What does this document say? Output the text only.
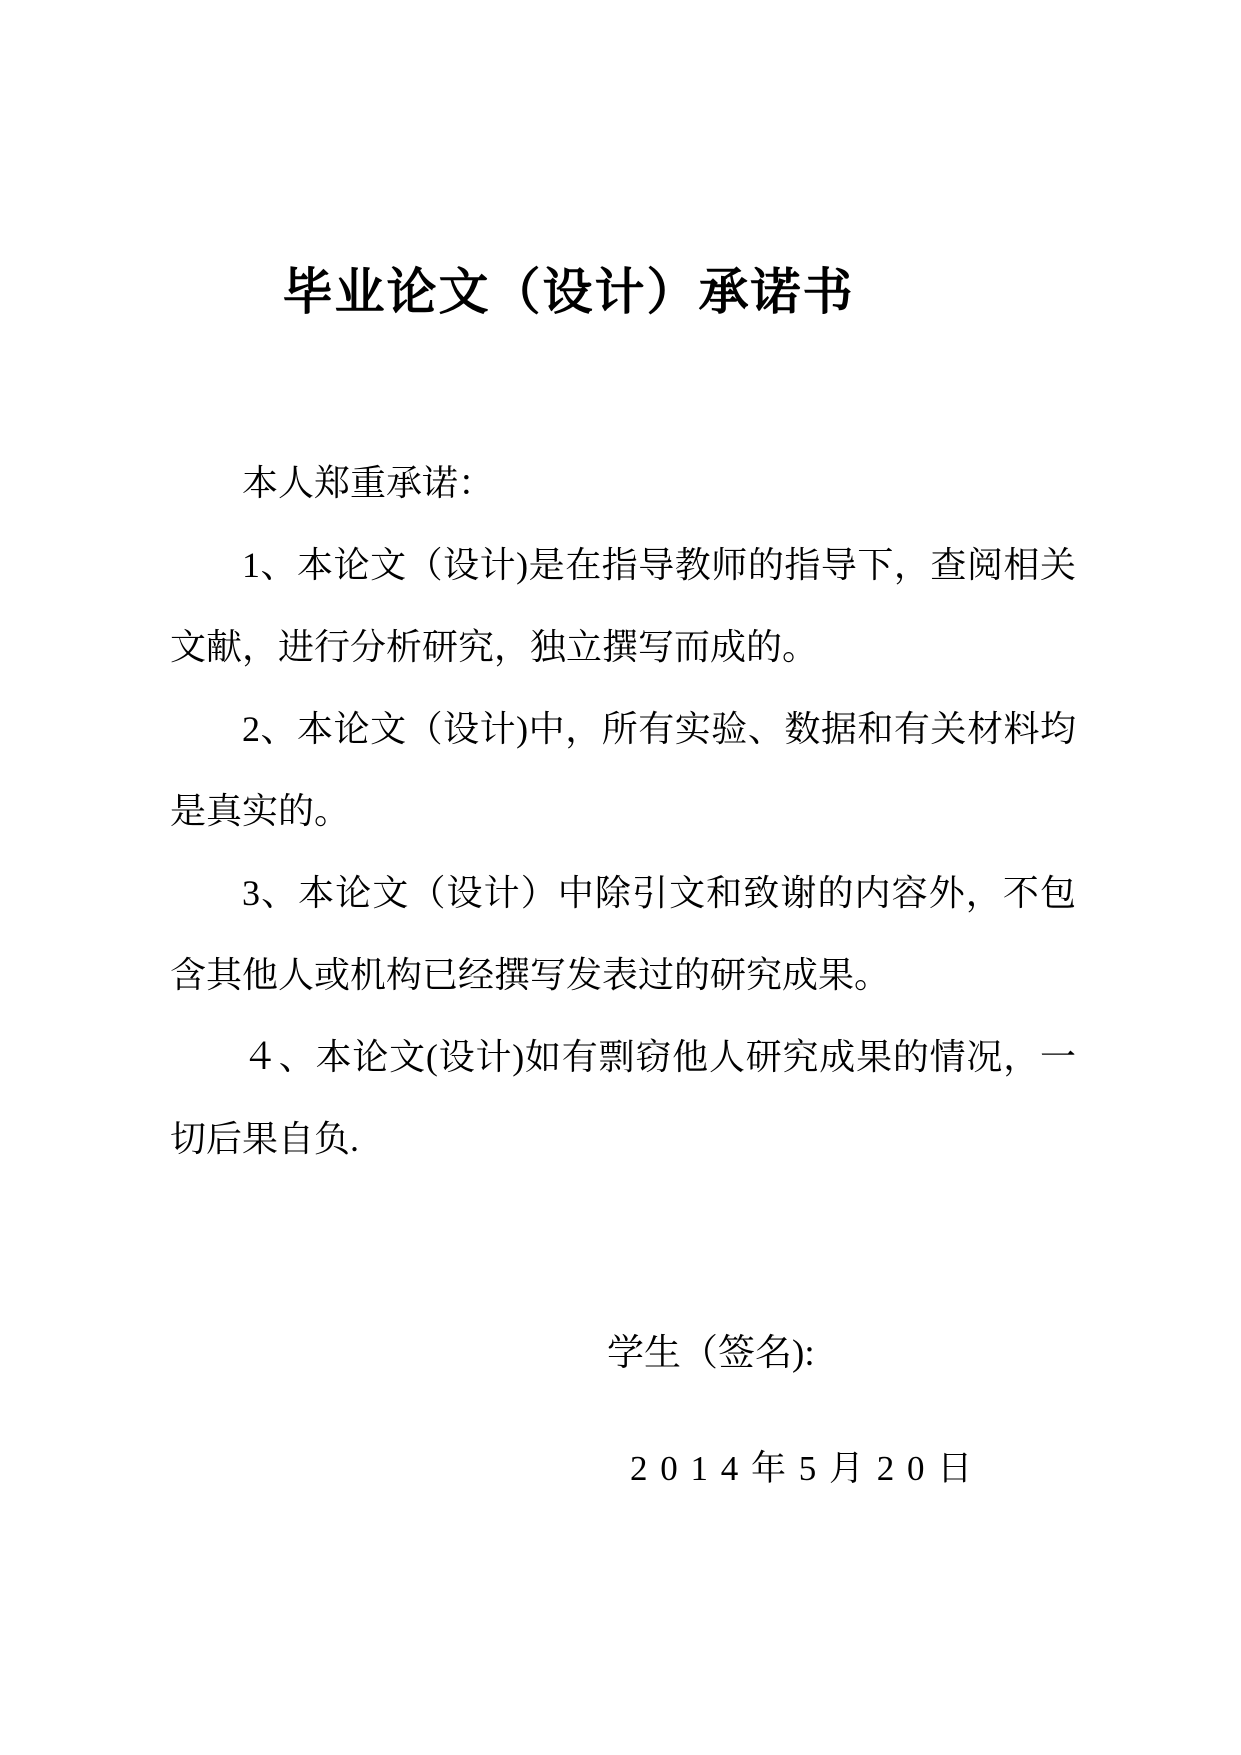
毕业论文（设计）承诺书

本人郑重承诺：

1、本论文（设计)是在指导教师的指导下，查阅相关文献，进行分析研究，独立撰写而成的。

2、本论文（设计)中，所有实验、数据和有关材料均是真实的。

3、本论文（设计）中除引文和致谢的内容外，不包含其他人或机构已经撰写发表过的研究成果。

４、本论文(设计)如有剽窃他人研究成果的情况，一切后果自负.

学生（签名):
2 0 1 4 年 5 月 2 0 日
